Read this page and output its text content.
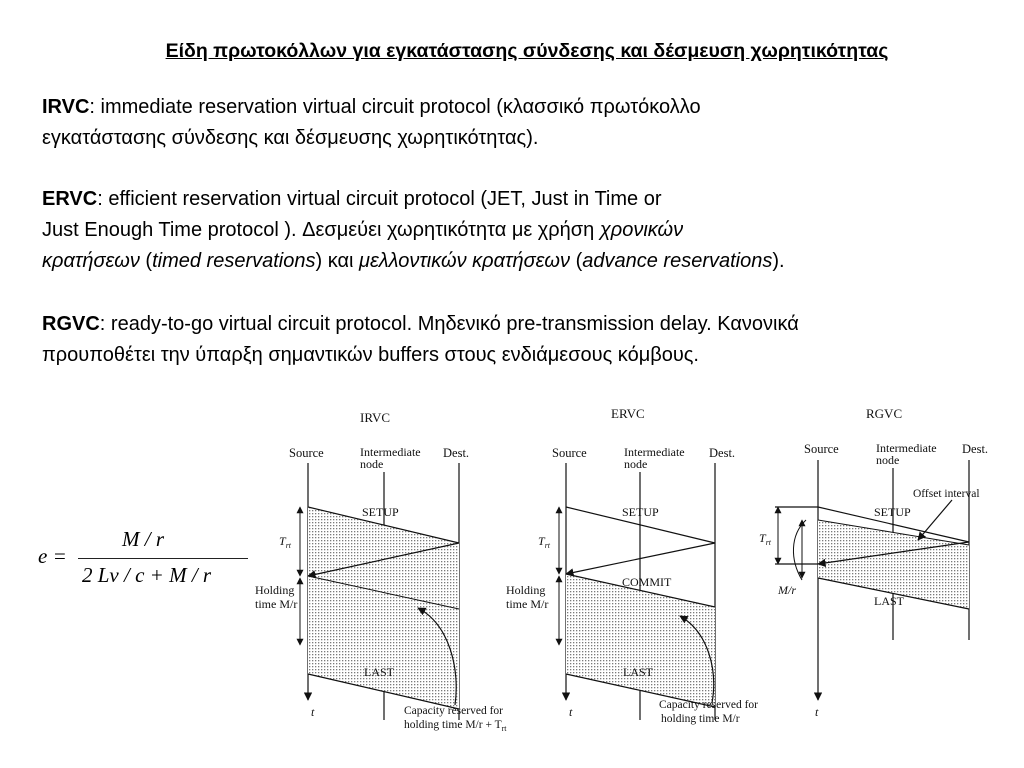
Είδη πρωτοκόλλων για εγκατάστασης σύνδεσης και δέσμευση χωρητικότητας
IRVC: immediate reservation virtual circuit protocol (κλασσικό πρωτόκολλο
εγκατάστασης σύνδεσης και δέσμευσης χωρητικότητας).
ERVC: efficient reservation virtual circuit protocol (JET, Just in Time or
Just Enough Time protocol ). Δεσμεύει χωρητικότητα με χρήση χρονικών
κρατήσεων (timed reservations) και μελλοντικών κρατήσεων (advance reservations).
RGVC: ready-to-go virtual circuit protocol. Μηδενικό pre-transmission delay. Κανονικά
προυποθέτει την ύπαρξη σημαντικών buffers στους ενδιάμεσους κόμβους.
e =
M / r
2 Lν / c + M / r
IRVC
Source	Intermediate
node
Dest.
SETUP
LAST
$T_{rt}$
Holding
time M/r
t	Capacity reserved for
holding time $M/r + T_{rt}$
ERVC
Source	Intermediate
node
Dest.
SETUP
COMMIT
LAST
$T_{rt}$
Holding
time M/r
t	Capacity reserved for
holding time M/r
RGVC
Source	Intermediate
node
Dest.
Offset interval
SETUP
LAST
$T_{rt}$
M/r
t
